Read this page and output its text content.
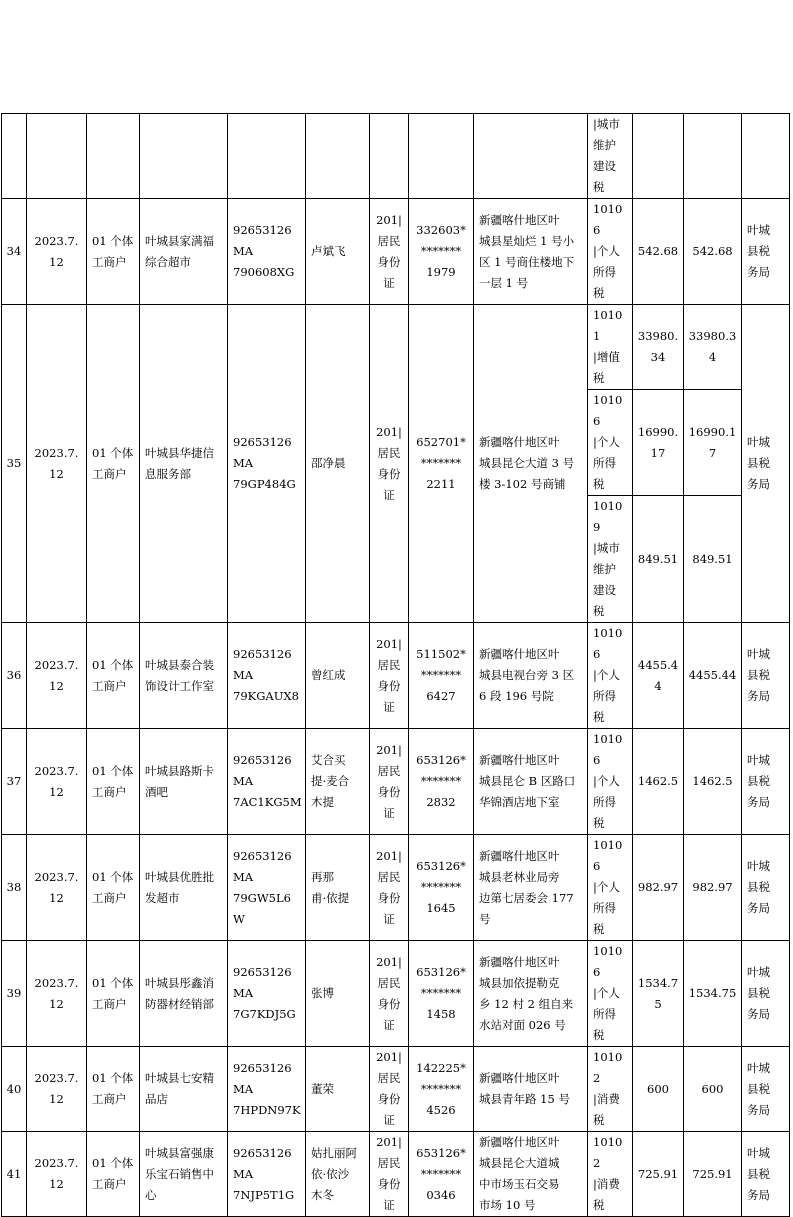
									|城市
维护
建设
税			

34	2023.7.
12	01 个体
工商户	叶城县家满福
综合超市	92653126MA
790608XG	卢斌飞	201|
居民
身份
证	332603*
*******
1979	新疆喀什地区叶
城县星灿烂 1 号小
区 1 号商住楼地下
一层 1 号	10106
|个人
所得
税	542.68	542.68	叶城
县税
务局

35	2023.7.
12	01 个体
工商户	叶城县华捷信
息服务部	92653126MA
79GP484G	邵净晨	201|
居民
身份
证	652701*
*******
2211	新疆喀什地区叶
城县昆仑大道 3 号
楼 3-102 号商铺	10101
|增值
税	33980.
34	33980.3
4	叶城
县税
务局

									10106
|个人
所得
税	16990.
17	16990.1
7	

									10109
|城市
维护
建设
税	849.51	849.51	

36	2023.7.
12	01 个体
工商户	叶城县泰合装
饰设计工作室	92653126MA
79KGAUX8	曾红成	201|
居民
身份
证	511502*
*******
6427	新疆喀什地区叶
城县电视台旁 3 区
6 段 196 号院	10106
|个人
所得
税	4455.4
4	4455.44	叶城
县税
务局

37	2023.7.
12	01 个体
工商户	叶城县路斯卡
酒吧	92653126MA
7AC1KG5M	艾合买
提·麦合
木提	201|
居民
身份
证	653126*
*******
2832	新疆喀什地区叶
城县昆仑 B 区路口
华锦酒店地下室	10106
|个人
所得
税	1462.5	1462.5	叶城
县税
务局

38	2023.7.
12	01 个体
工商户	叶城县优胜批
发超市	92653126MA
79GW5L6W	再那
甫·依提	201|
居民
身份
证	653126*
*******
1645	新疆喀什地区叶
城县老林业局旁
边第七居委会 177
号	10106
|个人
所得
税	982.97	982.97	叶城
县税
务局

39	2023.7.
12	01 个体
工商户	叶城县彤鑫消
防器材经销部	92653126MA
7G7KDJ5G	张博	201|
居民
身份
证	653126*
*******
1458	新疆喀什地区叶
城县加依提勒克
乡 12 村 2 组自来
水站对面 026 号	10106
|个人
所得
税	1534.7
5	1534.75	叶城
县税
务局

40	2023.7.
12	01 个体
工商户	叶城县七安精
品店	92653126MA
7HPDN97K	董荣	201|
居民
身份
证	142225*
*******
4526	新疆喀什地区叶
城县青年路 15 号	10102
|消费
税	600	600	叶城
县税
务局

41	2023.7.
12	01 个体
工商户	叶城县富强康
乐宝石销售中
心	92653126MA
7NJP5T1G	姑扎丽阿
依·依沙
木冬	201|
居民
身份
证	653126*
*******
0346	新疆喀什地区叶
城县昆仑大道城
中市场玉石交易
市场 10 号	10102
|消费
税	725.91	725.91	叶城
县税
务局
